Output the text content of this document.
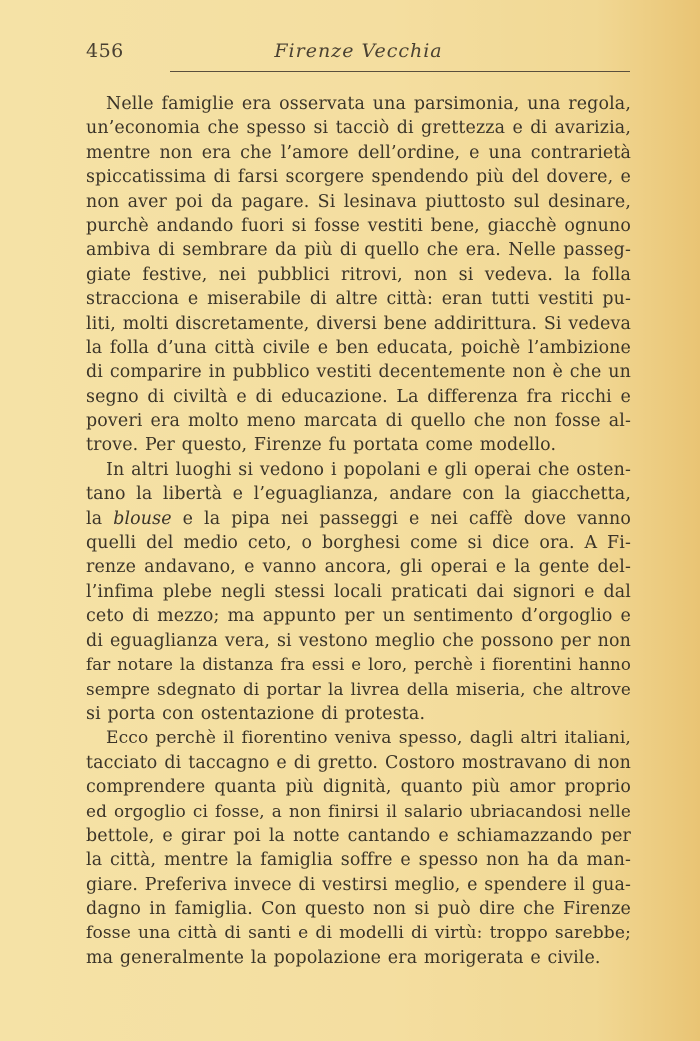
456	Firenze Vecchia
Nelle famiglie era osservata una parsimonia, una regola,
un’economia che spesso si tacciò di grettezza e di avarizia,
mentre non era che l’amore dell’ordine, e una contrarietà
spiccatissima di farsi scorgere spendendo più del dovere, e
non aver poi da pagare. Si lesinava piuttosto sul desinare,
purchè andando fuori si fosse vestiti bene, giacchè ognuno
ambiva di sembrare da più di quello che era. Nelle passeg-
giate festive, nei pubblici ritrovi, non si vedeva. la folla
stracciona e miserabile di altre città: eran tutti vestiti pu-
liti, molti discretamente, diversi bene addirittura. Si vedeva
la folla d’una città civile e ben educata, poichè l’ambizione
di comparire in pubblico vestiti decentemente non è che un
segno di civiltà e di educazione. La differenza fra ricchi e
poveri era molto meno marcata di quello che non fosse al-
trove. Per questo, Firenze fu portata come modello.
In altri luoghi si vedono i popolani e gli operai che osten-
tano la libertà e l’eguaglianza, andare con la giacchetta,
la blouse e la pipa nei passeggi e nei caffè dove vanno
quelli del medio ceto, o borghesi come si dice ora. A Fi-
renze andavano, e vanno ancora, gli operai e la gente del-
l’infima plebe negli stessi locali praticati dai signori e dal
ceto di mezzo; ma appunto per un sentimento d’orgoglio e
di eguaglianza vera, si vestono meglio che possono per non
far notare la distanza fra essi e loro, perchè i fiorentini hanno
sempre sdegnato di portar la livrea della miseria, che altrove
si porta con ostentazione di protesta.
Ecco perchè il fiorentino veniva spesso, dagli altri italiani,
tacciato di taccagno e di gretto. Costoro mostravano di non
comprendere quanta più dignità, quanto più amor proprio
ed orgoglio ci fosse, a non finirsi il salario ubriacandosi nelle
bettole, e girar poi la notte cantando e schiamazzando per
la città, mentre la famiglia soffre e spesso non ha da man-
giare. Preferiva invece di vestirsi meglio, e spendere il gua-
dagno in famiglia. Con questo non si può dire che Firenze
fosse una città di santi e di modelli di virtù: troppo sarebbe;
ma generalmente la popolazione era morigerata e civile.
